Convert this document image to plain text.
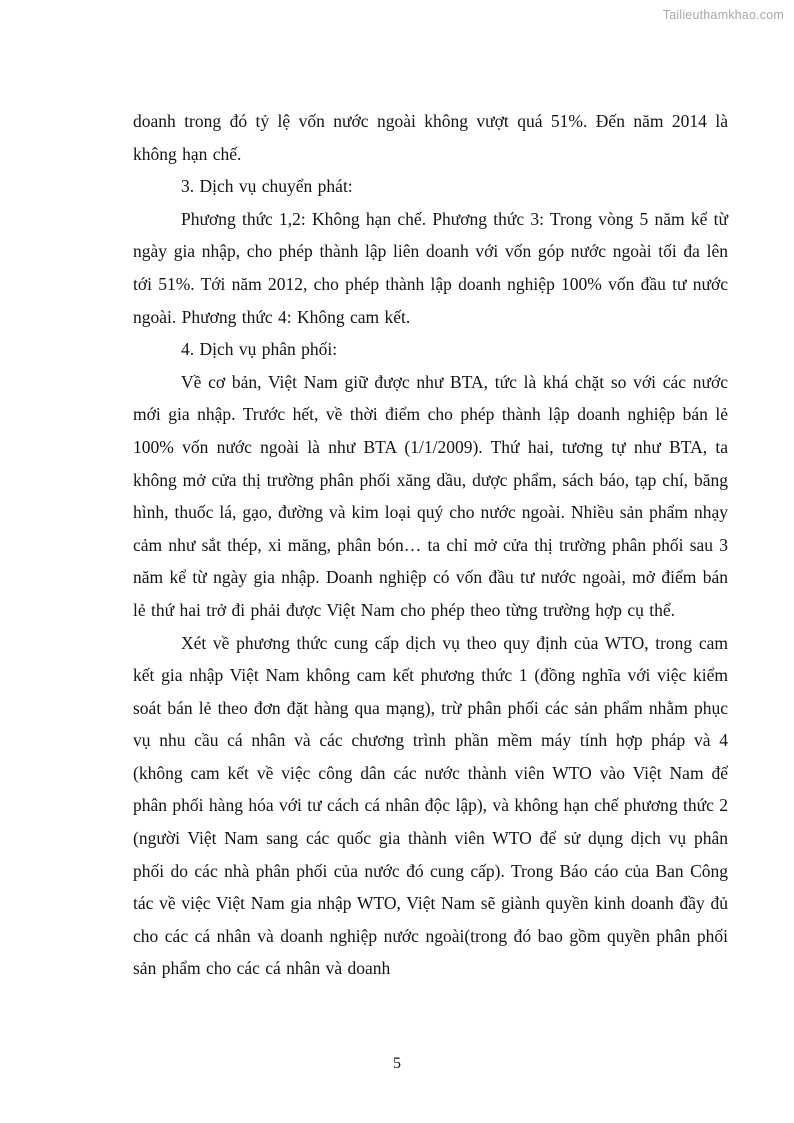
Tailieuthamkhao.com

doanh trong đó tỷ lệ vốn nước ngoài không vượt quá 51%. Đến năm 2014 là không hạn chế.

3. Dịch vụ chuyển phát:

Phương thức 1,2: Không hạn chế. Phương thức 3: Trong vòng 5 năm kể từ ngày gia nhập, cho phép thành lập liên doanh với vốn góp nước ngoài tối đa lên tới 51%. Tới năm 2012, cho phép thành lập doanh nghiệp 100% vốn đầu tư nước ngoài. Phương thức 4: Không cam kết.

4. Dịch vụ phân phối:

Về cơ bản, Việt Nam giữ được như BTA, tức là khá chặt so với các nước mới gia nhập. Trước hết, về thời điểm cho phép thành lập doanh nghiệp bán lẻ 100% vốn nước ngoài là như BTA (1/1/2009). Thứ hai, tương tự như BTA, ta không mở cửa thị trường phân phối xăng dầu, dược phẩm, sách báo, tạp chí, băng hình, thuốc lá, gạo, đường và kim loại quý cho nước ngoài. Nhiều sản phẩm nhạy cảm như sắt thép, xi măng, phân bón… ta chỉ mở cửa thị trường phân phối sau 3 năm kể từ ngày gia nhập. Doanh nghiệp có vốn đầu tư nước ngoài, mở điểm bán lẻ thứ hai trở đi phải được Việt Nam cho phép theo từng trường hợp cụ thể.

Xét về phương thức cung cấp dịch vụ theo quy định của WTO, trong cam kết gia nhập Việt Nam không cam kết phương thức 1 (đồng nghĩa với việc kiểm soát bán lẻ theo đơn đặt hàng qua mạng), trừ phân phối các sản phẩm nhằm phục vụ nhu cầu cá nhân và các chương trình phần mềm máy tính hợp pháp và 4 (không cam kết về việc công dân các nước thành viên WTO vào Việt Nam để phân phối hàng hóa với tư cách cá nhân độc lập), và không hạn chế phương thức 2 (người Việt Nam sang các quốc gia thành viên WTO để sử dụng dịch vụ phân phối do các nhà phân phối của nước đó cung cấp). Trong Báo cáo của Ban Công tác về việc Việt Nam gia nhập WTO, Việt Nam sẽ giành quyền kinh doanh đầy đủ cho các cá nhân và doanh nghiệp nước ngoài(trong đó bao gồm quyền phân phối sản phẩm cho các cá nhân và doanh

5
